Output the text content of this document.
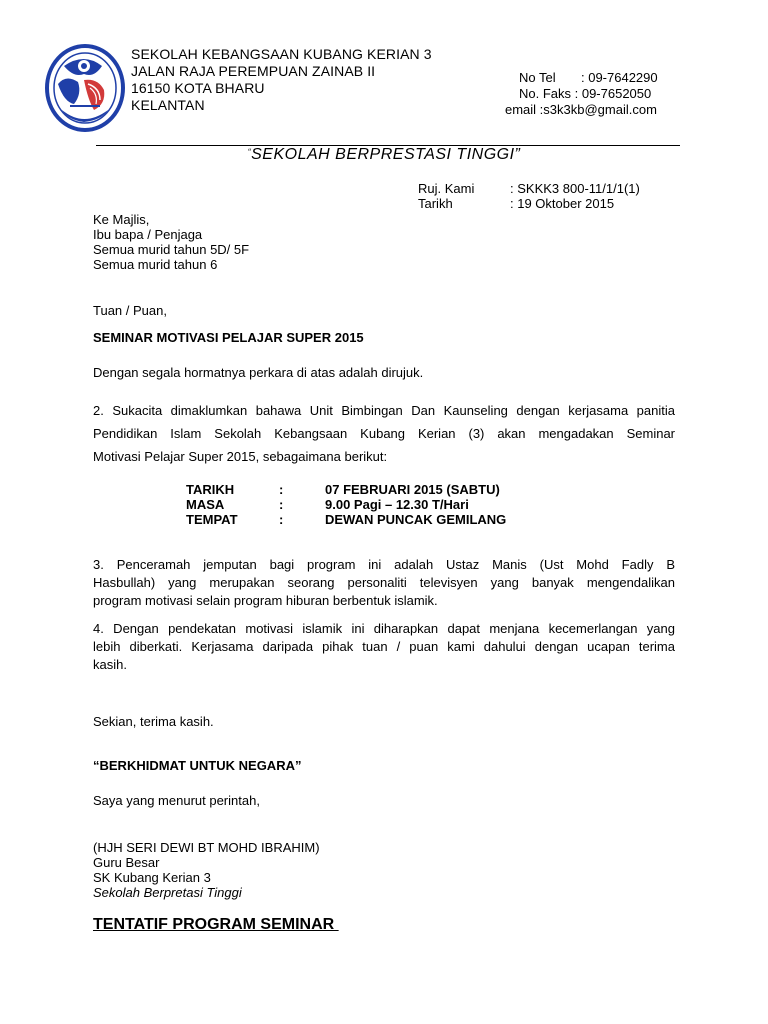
SEKOLAH KEBANGSAAN KUBANG KERIAN 3
JALAN RAJA PEREMPUAN ZAINAB II
16150 KOTA BHARU
KELANTAN
No Tel : 09-7642290
No. Faks : 09-7652050
email :s3k3kb@gmail.com
“SEKOLAH BERPRESTASI TINGGI”
Ruj. Kami	: SKKK3 800-11/1/1(1)
Tarikh	: 19 Oktober 2015
Ke Majlis,
Ibu bapa / Penjaga
Semua murid tahun 5D/ 5F
Semua murid tahun 6
Tuan / Puan,
SEMINAR MOTIVASI PELAJAR SUPER 2015
Dengan segala hormatnya perkara di atas adalah dirujuk.
2. Sukacita dimaklumkan bahawa Unit Bimbingan Dan Kaunseling dengan kerjasama panitia
Pendidikan Islam Sekolah Kebangsaan Kubang Kerian (3) akan mengadakan Seminar
Motivasi Pelajar Super 2015, sebagaimana berikut:
TARIKH	:	07 FEBRUARI 2015 (SABTU)
MASA	:	9.00 Pagi – 12.30 T/Hari
TEMPAT	:	DEWAN PUNCAK GEMILANG
3. Penceramah jemputan bagi program ini adalah Ustaz Manis (Ust Mohd Fadly B
Hasbullah) yang merupakan seorang personaliti televisyen yang banyak mengendalikan
program motivasi selain program hiburan berbentuk islamik.
4. Dengan pendekatan motivasi islamik ini diharapkan dapat menjana kecemerlangan yang
lebih diberkati. Kerjasama daripada pihak tuan / puan kami dahului dengan ucapan terima
kasih.
Sekian, terima kasih.
“BERKHIDMAT UNTUK NEGARA”
Saya yang menurut perintah,
(HJH SERI DEWI BT MOHD IBRAHIM)
Guru Besar
SK Kubang Kerian 3
Sekolah Berpretasi Tinggi
TENTATIF PROGRAM SEMINAR
